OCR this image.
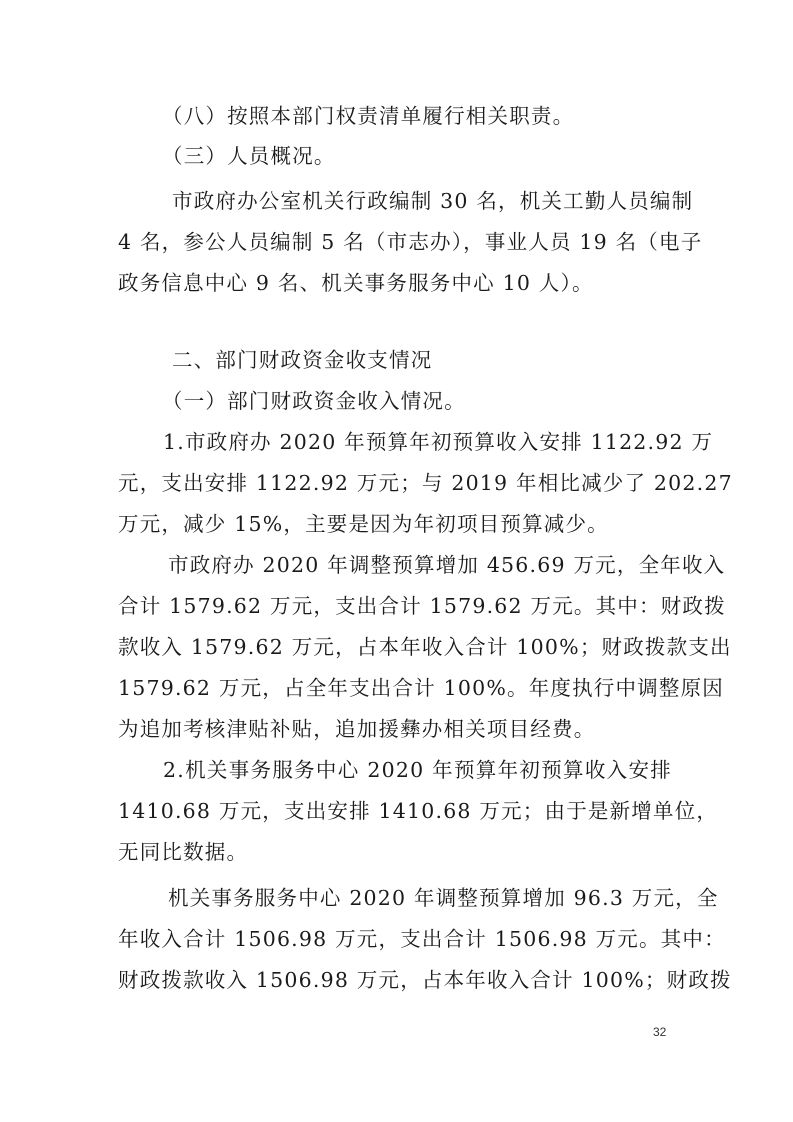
（八）按照本部门权责清单履行相关职责。

（三）人员概况。

市政府办公室机关行政编制 30 名，机关工勤人员编制

4 名，参公人员编制 5 名（市志办），事业人员 19 名（电子

政务信息中心 9 名、机关事务服务中心 10 人）。

二、部门财政资金收支情况

（一）部门财政资金收入情况。

1.市政府办 2020 年预算年初预算收入安排 1122.92 万

元，支出安排 1122.92 万元；与 2019 年相比减少了 202.27

万元，减少 15%，主要是因为年初项目预算减少。

市政府办 2020 年调整预算增加 456.69 万元，全年收入

合计 1579.62 万元，支出合计 1579.62 万元。其中：财政拨

款收入 1579.62 万元，占本年收入合计 100%；财政拨款支出

1579.62 万元，占全年支出合计 100%。年度执行中调整原因

为追加考核津贴补贴，追加援彝办相关项目经费。

2.机关事务服务中心 2020 年预算年初预算收入安排

1410.68 万元，支出安排 1410.68 万元；由于是新增单位，

无同比数据。

机关事务服务中心 2020 年调整预算增加 96.3 万元，全

年收入合计 1506.98 万元，支出合计 1506.98 万元。其中：

财政拨款收入 1506.98 万元，占本年收入合计 100%；财政拨

32
